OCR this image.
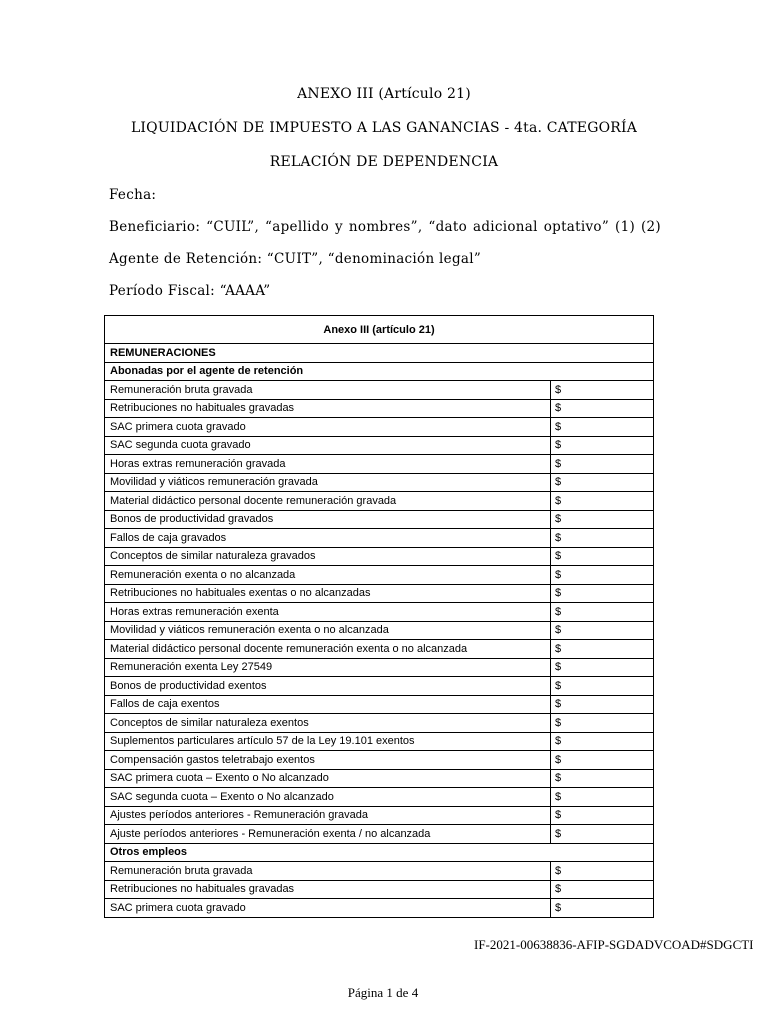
ANEXO III (Artículo 21)
LIQUIDACIÓN DE IMPUESTO A LAS GANANCIAS - 4ta. CATEGORÍA
RELACIÓN DE DEPENDENCIA
Fecha:
Beneficiario: “CUIL”, “apellido y nombres”, “dato adicional optativo” (1) (2)
Agente de Retención: “CUIT”, “denominación legal”
Período Fiscal: “AAAA”
Anexo III (artículo 21)	
REMUNERACIONES	
Abonadas por el agente de retención	
Remuneración bruta gravada	$
Retribuciones no habituales gravadas	$
SAC primera cuota gravado	$
SAC segunda cuota gravado	$
Horas extras remuneración gravada	$
Movilidad y viáticos remuneración gravada	$
Material didáctico personal docente remuneración gravada	$
Bonos de productividad gravados	$
Fallos de caja gravados	$
Conceptos de similar naturaleza gravados	$
Remuneración exenta o no alcanzada	$
Retribuciones no habituales exentas o no alcanzadas	$
Horas extras remuneración exenta	$
Movilidad y viáticos remuneración exenta o no alcanzada	$
Material didáctico personal docente remuneración exenta o no alcanzada	$
Remuneración exenta Ley 27549	$
Bonos de productividad exentos	$
Fallos de caja exentos	$
Conceptos de similar naturaleza exentos	$
Suplementos particulares artículo 57 de la Ley 19.101 exentos	$
Compensación gastos teletrabajo exentos	$
SAC primera cuota – Exento o No alcanzado	$
SAC segunda cuota – Exento o No alcanzado	$
Ajustes períodos anteriores - Remuneración gravada	$
Ajuste períodos anteriores - Remuneración exenta / no alcanzada	$
Otros empleos	
Remuneración bruta gravada	$
Retribuciones no habituales gravadas	$
SAC primera cuota gravado	$
IF-2021-00638836-AFIP-SGDADVCOAD#SDGCTI
Página 1 de 4
